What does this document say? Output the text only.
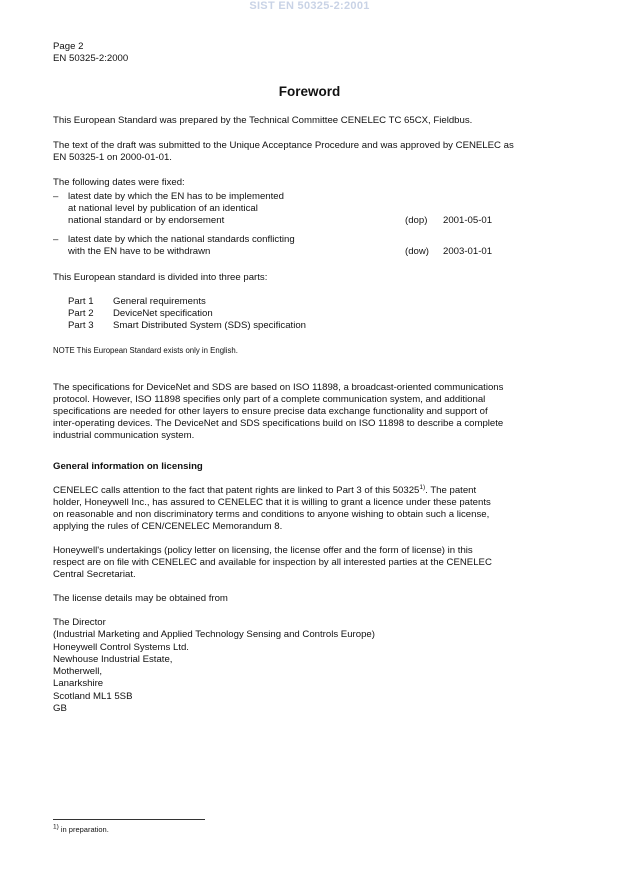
SIST EN 50325-2:2001
Page 2
EN 50325-2:2000
Foreword

This European Standard was prepared by the Technical Committee CENELEC TC 65CX, Fieldbus.

The text of the draft was submitted to the Unique Acceptance Procedure and was approved by CENELEC as

EN 50325-1 on 2000-01-01.

The following dates were fixed:

– latest date by which the EN has to be implemented

at national level by publication of an identical

national standard or by endorsement	(dop) 2001-05-01
– latest date by which the national standards conflicting

with the EN have to be withdrawn	(dow) 2003-01-01

This European standard is divided into three parts:

Part 1 General requirements
Part 2 DeviceNet specification
Part 3 Smart Distributed System (SDS) specification

NOTE This European Standard exists only in English.

The specifications for DeviceNet and SDS are based on ISO 11898, a broadcast-oriented communications

protocol. However, ISO 11898 specifies only part of a complete communication system, and additional

specifications are needed for other layers to ensure precise data exchange functionality and support of

inter-operating devices. The DeviceNet and SDS specifications build on ISO 11898 to describe a complete

industrial communication system.

General information on licensing

CENELEC calls attention to the fact that patent rights are linked to Part 3 of this 50325$^{1)}$. The patent

holder, Honeywell Inc., has assured to CENELEC that it is willing to grant a licence under these patents

on reasonable and non discriminatory terms and conditions to anyone wishing to obtain such a license,

applying the rules of CEN/CENELEC Memorandum 8.

Honeywell's undertakings (policy letter on licensing, the license offer and the form of license) in this

respect are on file with CENELEC and available for inspection by all interested parties at the CENELEC

Central Secretariat.

The license details may be obtained from

The Director
(Industrial Marketing and Applied Technology Sensing and Controls Europe)
Honeywell Control Systems Ltd.
Newhouse Industrial Estate,
Motherwell,
Lanarkshire
Scotland ML1 5SB
GB

$^{1)}$ in preparation.
